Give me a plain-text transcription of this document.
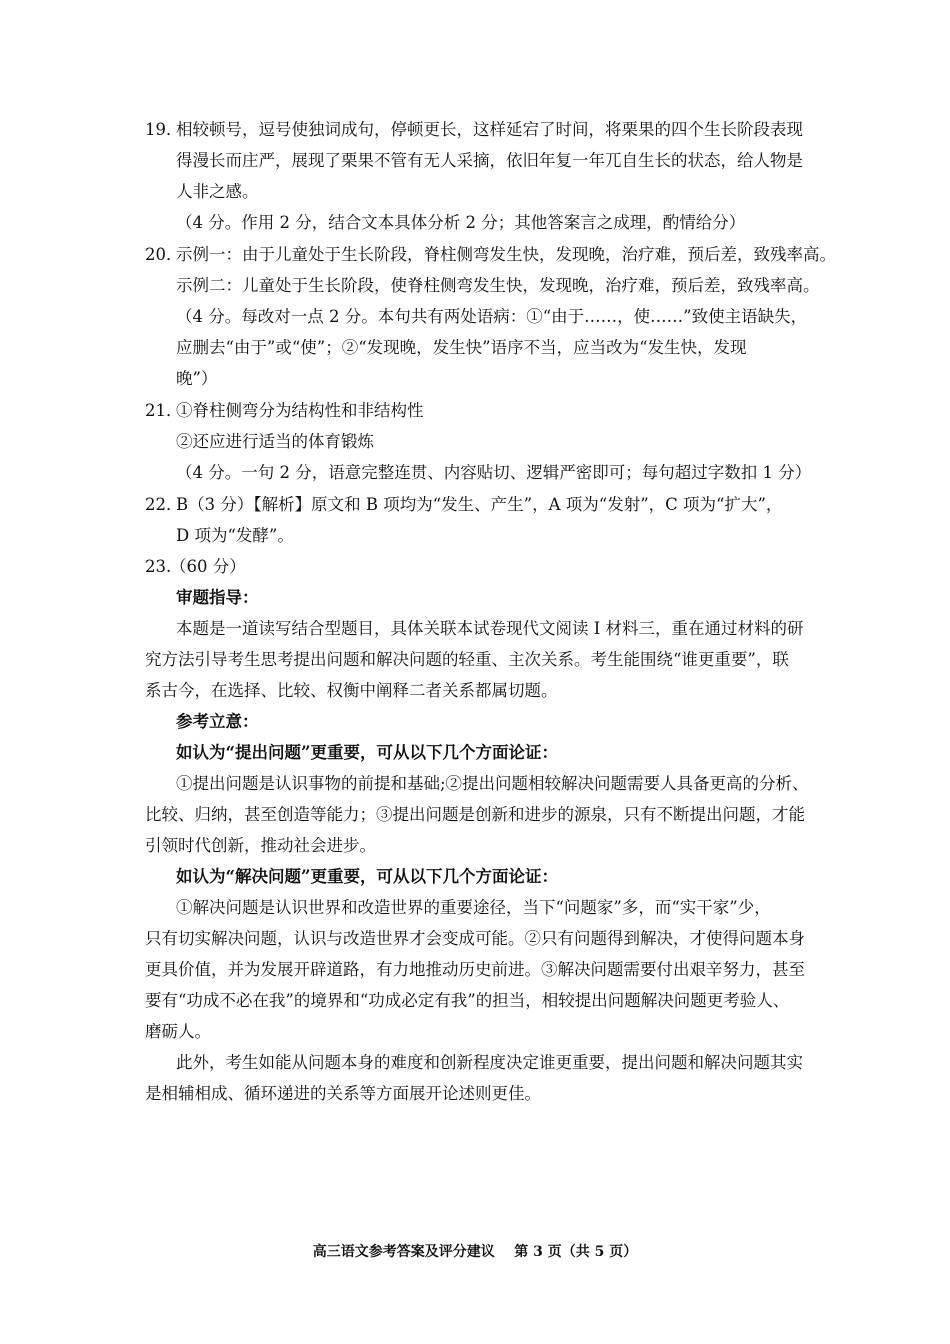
19．
相较顿号，逗号使独词成句，停顿更长，这样延宕了时间，将栗果的四个生长阶段表现
得漫长而庄严，展现了栗果不管有无人采摘，依旧年复一年兀自生长的状态，给人物是
人非之感。
（4 分。作用 2 分，结合文本具体分析 2 分；其他答案言之成理，酌情给分）
20．
示例一：由于儿童处于生长阶段，脊柱侧弯发生快，发现晚，治疗难，预后差，致残率高。
示例二：儿童处于生长阶段，使脊柱侧弯发生快，发现晚，治疗难，预后差，致残率高。
（4 分。每改对一点 2 分。本句共有两处语病：①“由于……，使……”致使主语缺失，
应删去“由于”或“使”；②“发现晚，发生快”语序不当，应当改为“发生快，发现
晚”）
21．
①脊柱侧弯分为结构性和非结构性
②还应进行适当的体育锻炼
（4 分。一句 2 分，语意完整连贯、内容贴切、逻辑严密即可；每句超过字数扣 1 分）
22．
B（3 分）【解析】原文和 B 项均为“发生、产生”，A 项为“发射”，C 项为“扩大”，
D 项为“发酵”。
23.
（60 分）
审题指导：
本题是一道读写结合型题目，具体关联本试卷现代文阅读 I 材料三，重在通过材料的研
究方法引导考生思考提出问题和解决问题的轻重、主次关系。考生能围绕“谁更重要”，联
系古今，在选择、比较、权衡中阐释二者关系都属切题。
参考立意：
如认为“提出问题”更重要，可从以下几个方面论证：
①提出问题是认识事物的前提和基础;②提出问题相较解决问题需要人具备更高的分析、
比较、归纳，甚至创造等能力；③提出问题是创新和进步的源泉，只有不断提出问题，才能
引领时代创新，推动社会进步。
如认为“解决问题”更重要，可从以下几个方面论证：
①解决问题是认识世界和改造世界的重要途径，当下“问题家”多，而“实干家”少，
只有切实解决问题，认识与改造世界才会变成可能。②只有问题得到解决，才使得问题本身
更具价值，并为发展开辟道路，有力地推动历史前进。③解决问题需要付出艰辛努力，甚至
要有“功成不必在我”的境界和“功成必定有我”的担当，相较提出问题解决问题更考验人、
磨砺人。
此外，考生如能从问题本身的难度和创新程度决定谁更重要，提出问题和解决问题其实
是相辅相成、循环递进的关系等方面展开论述则更佳。
高三语文参考答案及评分建议    第 3 页（共 5 页）
